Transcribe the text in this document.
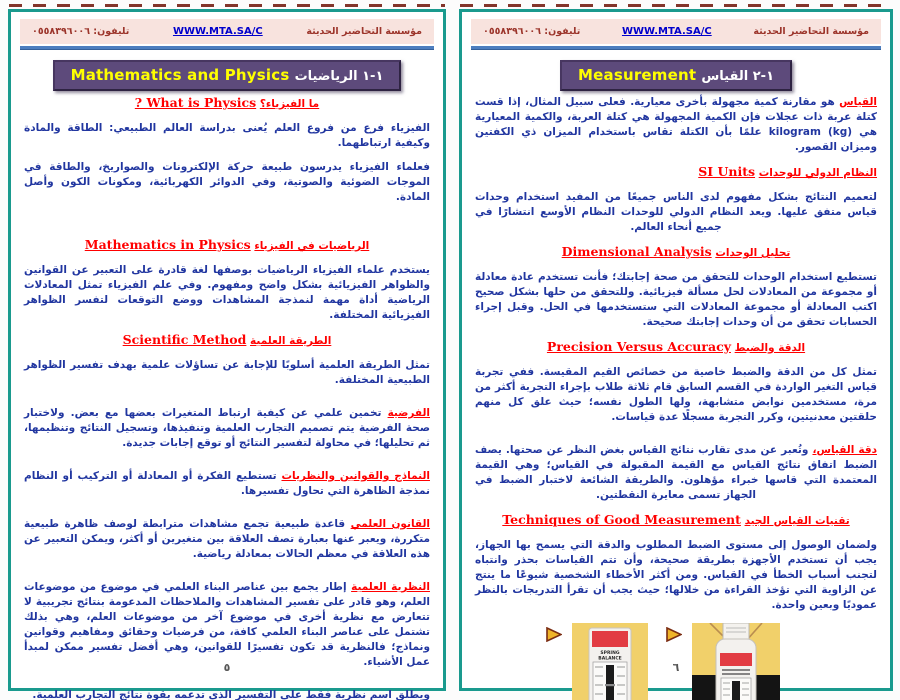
مؤسسة التحاضير الحديثة
WWW.MTA.SA/C
تليفون: ٠٥٥٨٣٩٦٠٠٦
١-١ الرياضيات Mathematics and Physics

ما الفيزياء؟ What is Physics ?

الفيزياء فرع من فروع العلم يُعنى بدراسة العالم الطبيعي: الطاقة والمادة وكيفية ارتباطهما.

فعلماء الفيزياء يدرسون طبيعة حركة الإلكترونات والصواريخ، والطاقة في الموجات الضوئية والصوتية، وفي الدوائر الكهربائية، ومكونات الكون وأصل المادة.

الرياضيات في الفيزياء Mathematics in Physics

يستخدم علماء الفيزياء الرياضيات بوصفها لغة قادرة على التعبير عن القوانين والظواهر الفيزيائية بشكل واضح ومفهوم. وفي علم الفيزياء تمثل المعادلات الرياضية أداة مهمة لنمذجة المشاهدات ووضع التوقعات لتفسر الظواهر الفيزيائية المختلفة.

الطريقة العلمية Scientific Method

تمثل الطريقة العلمية أسلوبًا للإجابة عن تساؤلات علمية بهدف تفسير الظواهر الطبيعية المختلفة.

الفرضية تخمين علمي عن كيفية ارتباط المتغيرات بعضها مع بعض. ولاختبار صحة الفرضية يتم تصميم التجارب العلمية وتنفيذها، وتسجيل النتائج وتنظيمها، ثم تحليلها؛ في محاولة لتفسير النتائج أو توقع إجابات جديدة.

النماذج والقوانين والنظريات تستطيع الفكرة أو المعادلة أو التركيب أو النظام نمذجة الظاهرة التي تحاول تفسيرها.

القانون العلمي قاعدة طبيعية تجمع مشاهدات مترابطة لوصف ظاهرة طبيعية متكررة، ويعبر عنها بعبارة تصف العلاقة بين متغيرين أو أكثر، ويمكن التعبير عن هذه العلاقة في معظم الحالات بمعادلة رياضية.

النظرية العلمية إطار يجمع بين عناصر البناء العلمي في موضوع من موضوعات العلم، وهو قادر على تفسير المشاهدات والملاحظات المدعومة بنتائج تجريبية لا تتعارض مع نظرية أخرى في موضوع آخر من موضوعات العلم، وهي بذلك تشتمل على عناصر البناء العلمي كافة، من فرضيات وحقائق ومفاهيم وقوانين ونماذج؛ فالنظرية قد تكون تفسيرًا للقوانين، وهي أفضل تفسير ممكن لمبدأ عمل الأشياء.

ويطلق اسم نظرية فقط على التفسير الذي تدعمه بقوة نتائج التجارب العلمية.

٥
مؤسسة التحاضير الحديثة
WWW.MTA.SA/C
تليفون: ٠٥٥٨٣٩٦٠٠٦
١-٢ القياس Measurement

القياس هو مقارنة كمية مجهولة بأخرى معيارية. فعلى سبيل المثال، إذا قست كتلة عربة ذات عجلات فإن الكمية المجهولة هي كتلة العربة، والكمية المعيارية هي kilogram (kg) علمًا بأن الكتلة تقاس باستخدام الميزان ذي الكفتين وميزان القصور.

النظام الدولي للوحدات SI Units

لتعميم النتائج بشكل مفهوم لدى الناس جميعًا من المفيد استخدام وحدات قياس متفق عليها. ويعد النظام الدولي للوحدات النظام الأوسع انتشارًا في جميع أنحاء العالم.

تحليل الوحدات Dimensional Analysis

تستطيع استخدام الوحدات للتحقق من صحة إجابتك؛ فأنت تستخدم عادة معادلة أو مجموعة من المعادلات لحل مسألة فيزيائية. وللتحقق من حلها بشكل صحيح اكتب المعادلة أو مجموعة المعادلات التي ستستخدمها في الحل. وقبل إجراء الحسابات تحقق من أن وحدات إجابتك صحيحة.

الدقة والضبط Precision Versus Accuracy

تمثل كل من الدقة والضبط خاصية من خصائص القيم المقيسة. ففي تجربة قياس التغير الواردة في القسم السابق قام ثلاثة طلاب بإجراء التجربة أكثر من مرة، مستخدمين نوابض متشابهة، ولها الطول نفسه؛ حيث علق كل منهم حلقتين معدنيتين، وكرر التجربة مسجلًا عدة قياسات.

دقة القياس، وتُعبر عن مدى تقارب نتائج القياس بغض النظر عن صحتها. يصف الضبط اتفاق نتائج القياس مع القيمة المقبولة في القياس؛ وهي القيمة المعتمدة التي قاسها خبراء مؤهلون. والطريقة الشائعة لاختبار الضبط في الجهاز تسمى معايرة النقطتين.

تقنيات القياس الجيد Techniques of Good Measurement

ولضمان الوصول إلى مستوى الضبط المطلوب والدقة التي يسمح بها الجهاز، يجب أن تستخدم الأجهزة بطريقة صحيحة، وأن تتم القياسات بحذر وانتباه لتجنب أسباب الخطأ في القياس. ومن أكثر الأخطاء الشخصية شيوعًا ما ينتج عن الزاوية التي تؤخذ القراءة من خلالها؛ حيث يجب أن تقرأ التدريجات بالنظر عموديًا وبعين واحدة.

SPRING
BALANCE
٦
